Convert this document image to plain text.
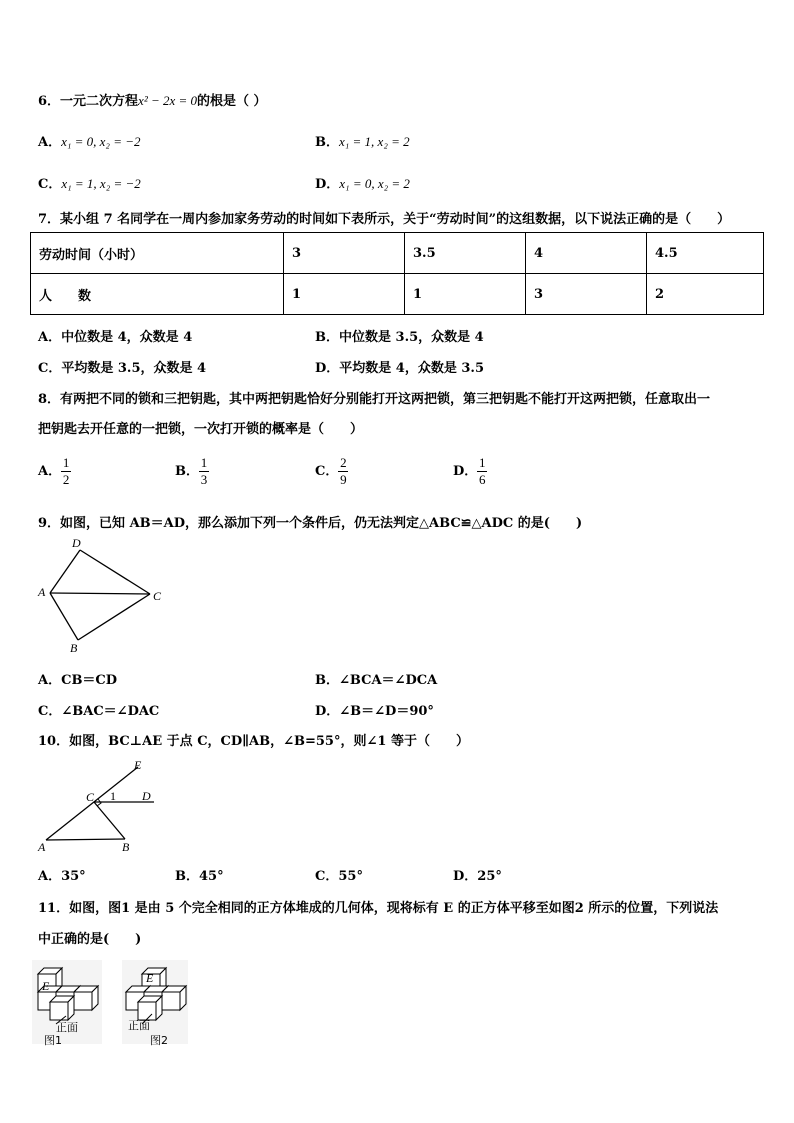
6．一元二次方程x² − 2x = 0的根是（ ）
A．x₁ = 0, x₂ = −2	B．x₁ = 1, x₂ = 2
C．x₁ = 1, x₂ = −2	D．x₁ = 0, x₂ = 2
7．某小组 7 名同学在一周内参加家务劳动的时间如下表所示，关于“劳动时间”的这组数据，以下说法正确的是（　　）
劳动时间（小时）	3	3.5	4	4.5
人　　数	1	1	3	2
A．中位数是 4，众数是 4	B．中位数是 3.5，众数是 4
C．平均数是 3.5，众数是 4	D．平均数是 4，众数是 3.5
8．有两把不同的锁和三把钥匙，其中两把钥匙恰好分别能打开这两把锁，第三把钥匙不能打开这两把锁，任意取出一
把钥匙去开任意的一把锁，一次打开锁的概率是（　　）
A． $\frac{1}{2}$	B． $\frac{1}{3}$	C． $\frac{2}{9}$	D． $\frac{1}{6}$
9．如图，已知 AB＝AD，那么添加下列一个条件后，仍无法判定△ABC≌△ADC 的是(　　)
D
A	C
B
A．CB＝CD	B．∠BCA＝∠DCA
C．∠BAC＝∠DAC	D．∠B＝∠D＝90°
10．如图，BC⊥AE 于点 C，CD∥AB，∠B=55°，则∠1 等于（　　）
E
C 1 D
A	B
A．35°	B．45°	C．55°	D．25°
11．如图，图1 是由 5 个完全相同的正方体堆成的几何体，现将标有 E 的正方体平移至如图2 所示的位置，下列说法
中正确的是(　　)
E
正面
图1
E
正面
图2
